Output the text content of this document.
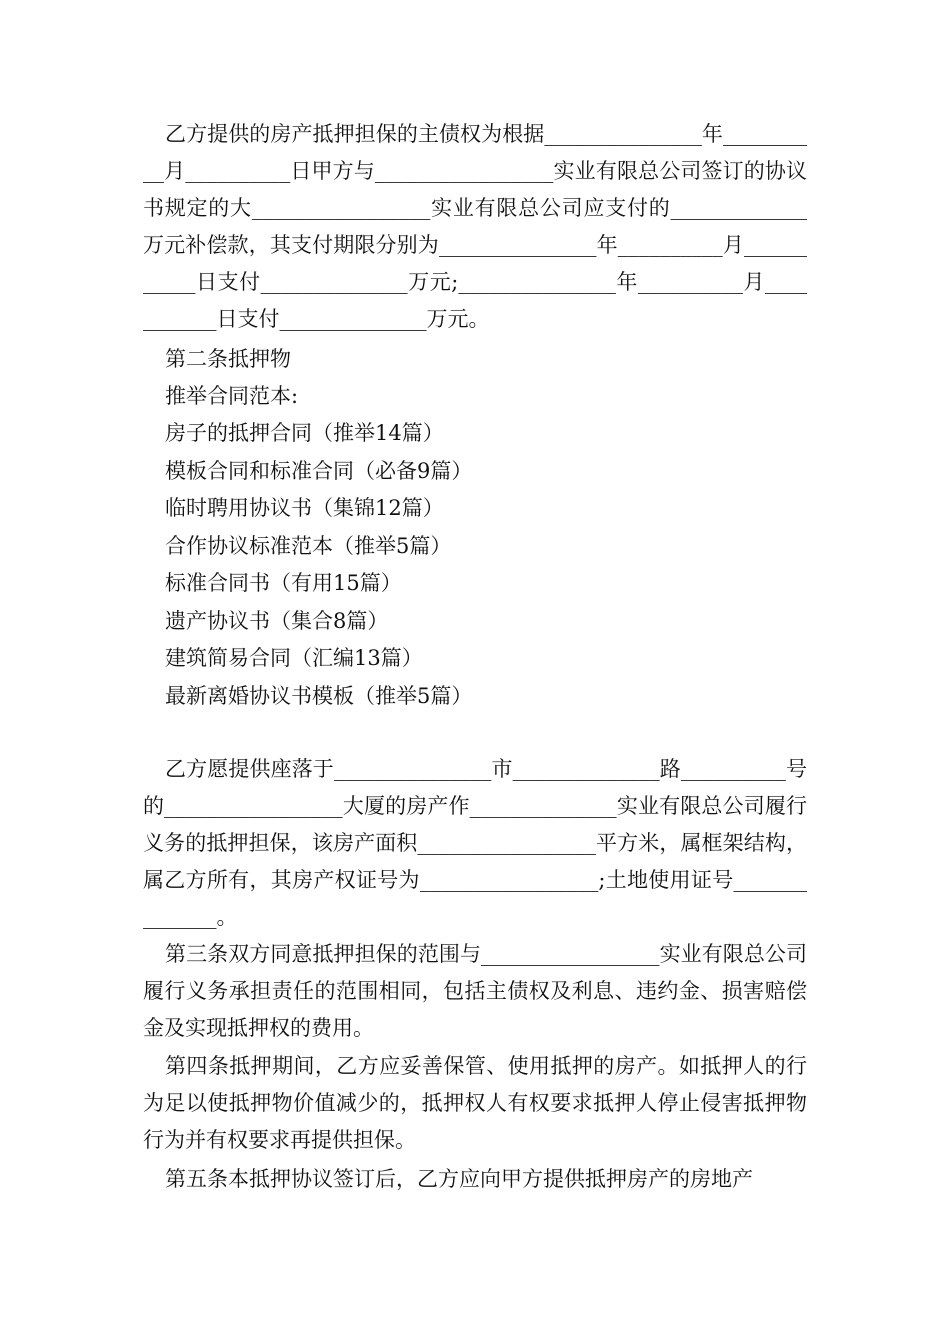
乙方提供的房产抵押担保的主债权为根据_______________年__________月__________日甲方与_________________实业有限总公司签订的协议书规定的大_________________实业有限总公司应支付的_____________万元补偿款，其支付期限分别为_______________年__________月___________日支付______________万元;_______________年__________月___________日支付______________万元。

第二条抵押物

推举合同范本:

房子的抵押合同（推举14篇）
模板合同和标准合同（必备9篇）
临时聘用协议书（集锦12篇）
合作协议标准范本（推举5篇）
标准合同书（有用15篇）
遗产协议书（集合8篇）
建筑简易合同（汇编13篇）
最新离婚协议书模板（推举5篇）

乙方愿提供座落于_______________市______________路__________号的_________________大厦的房产作______________实业有限总公司履行义务的抵押担保，该房产面积_________________平方米，属框架结构，属乙方所有，其房产权证号为_________________;土地使用证号______________。

第三条双方同意抵押担保的范围与_________________实业有限总公司履行义务承担责任的范围相同，包括主债权及利息、违约金、损害赔偿金及实现抵押权的费用。

第四条抵押期间，乙方应妥善保管、使用抵押的房产。如抵押人的行为足以使抵押物价值减少的，抵押权人有权要求抵押人停止侵害抵押物行为并有权要求再提供担保。

第五条本抵押协议签订后，乙方应向甲方提供抵押房产的房地产
